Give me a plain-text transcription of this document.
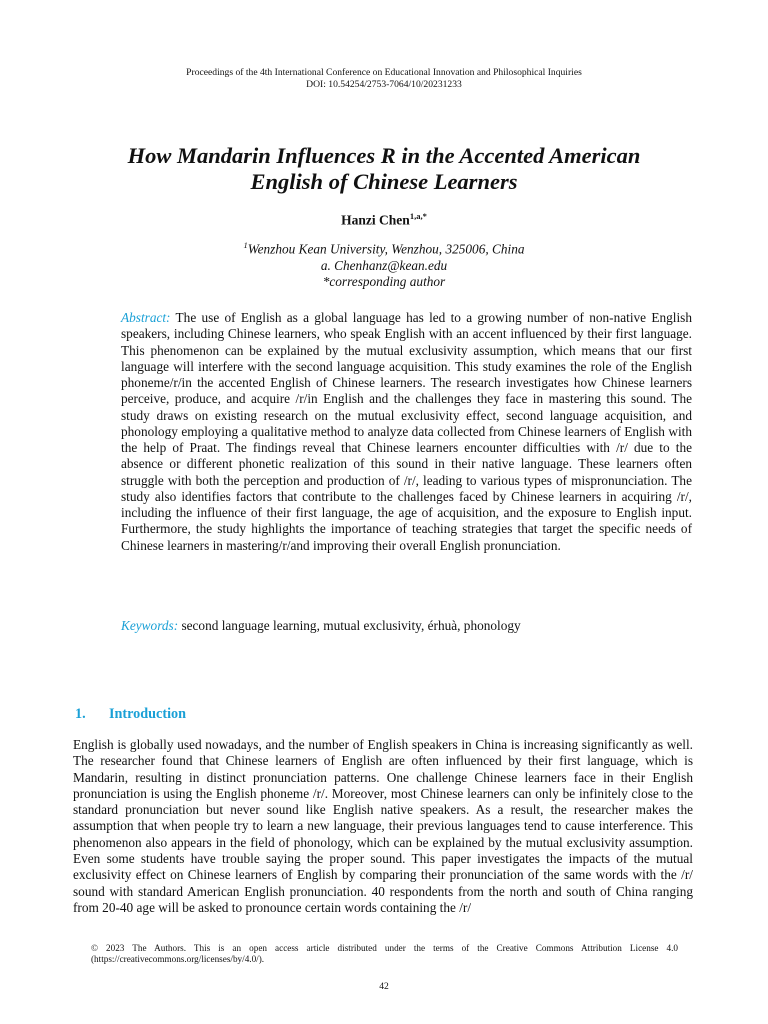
Proceedings of the 4th International Conference on Educational Innovation and Philosophical Inquiries
DOI: 10.54254/2753-7064/10/20231233
How Mandarin Influences R in the Accented American
English of Chinese Learners
Hanzi Chen$^{1,a,*}$
$^1$Wenzhou Kean University, Wenzhou, 325006, China
a. Chenhanz@kean.edu
*corresponding author
Abstract: The use of English as a global language has led to a growing number of non-native English speakers, including Chinese learners, who speak English with an accent influenced by their first language. This phenomenon can be explained by the mutual exclusivity assumption, which means that our first language will interfere with the second language acquisition. This study examines the role of the English phoneme/r/in the accented English of Chinese learners. The research investigates how Chinese learners perceive, produce, and acquire /r/in English and the challenges they face in mastering this sound. The study draws on existing research on the mutual exclusivity effect, second language acquisition, and phonology employing a qualitative method to analyze data collected from Chinese learners of English with the help of Praat. The findings reveal that Chinese learners encounter difficulties with /r/ due to the absence or different phonetic realization of this sound in their native language. These learners often struggle with both the perception and production of /r/, leading to various types of mispronunciation. The study also identifies factors that contribute to the challenges faced by Chinese learners in acquiring /r/, including the influence of their first language, the age of acquisition, and the exposure to English input. Furthermore, the study highlights the importance of teaching strategies that target the specific needs of Chinese learners in mastering/r/and improving their overall English pronunciation.
Keywords: second language learning, mutual exclusivity, érhuà, phonology
1. Introduction
English is globally used nowadays, and the number of English speakers in China is increasing significantly as well. The researcher found that Chinese learners of English are often influenced by their first language, which is Mandarin, resulting in distinct pronunciation patterns. One challenge Chinese learners face in their English pronunciation is using the English phoneme /r/. Moreover, most Chinese learners can only be infinitely close to the standard pronunciation but never sound like English native speakers. As a result, the researcher makes the assumption that when people try to learn a new language, their previous languages tend to cause interference. This phenomenon also appears in the field of phonology, which can be explained by the mutual exclusivity assumption. Even some students have trouble saying the proper sound. This paper investigates the impacts of the mutual exclusivity effect on Chinese learners of English by comparing their pronunciation of the same words with the /r/ sound with standard American English pronunciation. 40 respondents from the north and south of China ranging from 20-40 age will be asked to pronounce certain words containing the /r/
© 2023 The Authors. This is an open access article distributed under the terms of the Creative Commons Attribution License 4.0 (https://creativecommons.org/licenses/by/4.0/).
42
